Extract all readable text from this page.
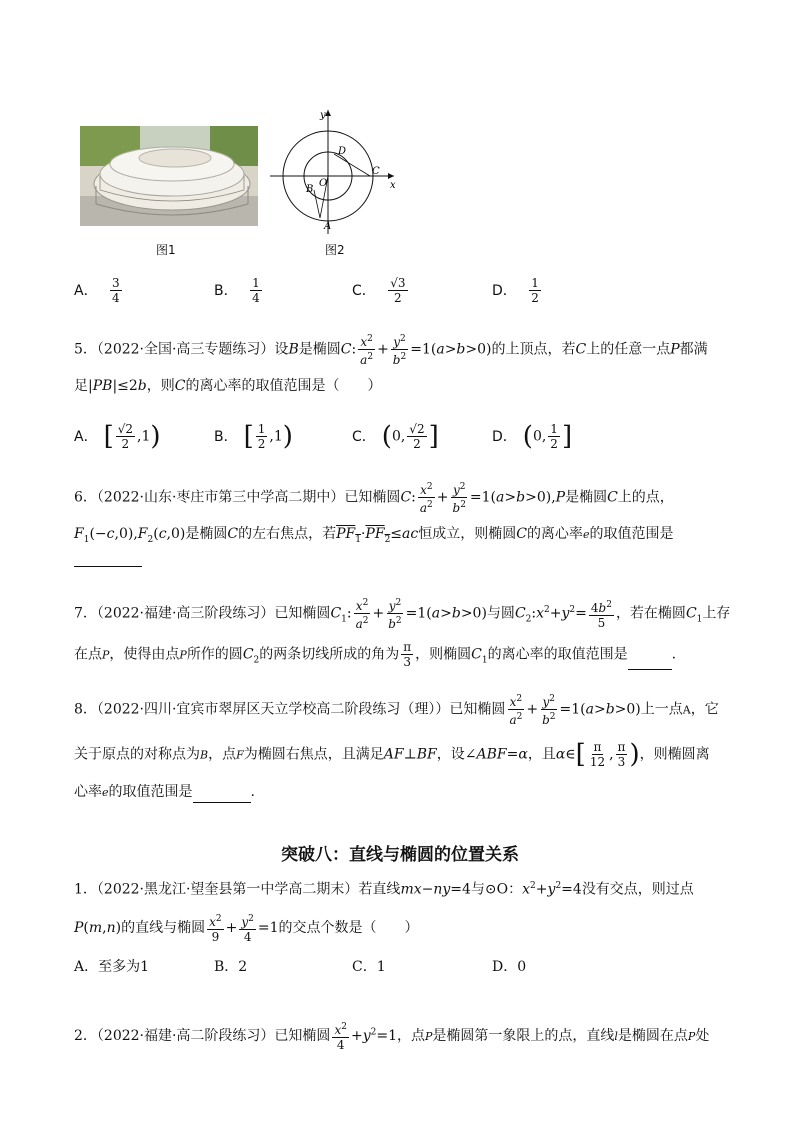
图1
y
x
D
C
O
B
A
图2
A． $\frac{3}{4}$	B． $\frac{1}{4}$	C． $\frac{√3}{2}$	D． $\frac{1}{2}$
5．（2022·全国·高三专题练习）设B是椭圆C: $\frac{x^2}{a^2} + \frac{y^2}{b^2} =1(a>b>0)$的上顶点，若C上的任意一点P都满
足|PB|≤2b，则C的离心率的取值范围是（　　）
A． [ $\frac{√2}{2} ,1$)	B． [ $\frac{1}{2} ,1$)	C． (0, $\frac{√2}{2}$ ]	D． (0, $\frac{1}{2}$ ]
6．（2022·山东·枣庄市第三中学高二期中）已知椭圆C: $\frac{x^2}{a^2} + \frac{y^2}{b^2} =1(a>b>0),P$是椭圆C上的点，
$F_1(-c,0),F_2(c,0)$是椭圆C的左右焦点，若$PF_1\cdot PF_2\le ac$恒成立，则椭圆C的离心率e的取值范围是
7．（2022·福建·高三阶段练习）已知椭圆$C_1$: $\frac{x^2}{a^2} + \frac{y^2}{b^2} =1(a>b>0)$与圆$C_2:x^2+y^2= \frac{4b^2}{5}$ ，若在椭圆$C_1$上存
在点P，使得由点P所作的圆$C_2$的两条切线所成的角为 $\frac{\pi}{3}$ ，则椭圆$C_1$的离心率的取值范围是	.
8．（2022·四川·宜宾市翠屏区天立学校高二阶段练习（理））已知椭圆 $\frac{x^2}{a^2} + \frac{y^2}{b^2} =1(a>b>0)$上一点A，它
关于原点的对称点为B，点F为椭圆右焦点，且满足AF⊥BF，设∠ABF=α，且α∈[ $\frac{\pi}{12}$ , $\frac{\pi}{3}$ )，则椭圆离
心率e的取值范围是	.
突破八：直线与椭圆的位置关系
1．（2022·黑龙江·望奎县第一中学高二期末）若直线mx−ny=4与⊙O：$x^2+y^2=4$没有交点，则过点
P(m,n)的直线与椭圆 $\frac{x^2}{9} + \frac{y^2}{4} =1$的交点个数是（　　）
A．至多为1	B．2	C．1	D．0
2．（2022·福建·高二阶段练习）已知椭圆 $\frac{x^2}{4} +y^2=1$，点P是椭圆第一象限上的点，直线l是椭圆在点P处
